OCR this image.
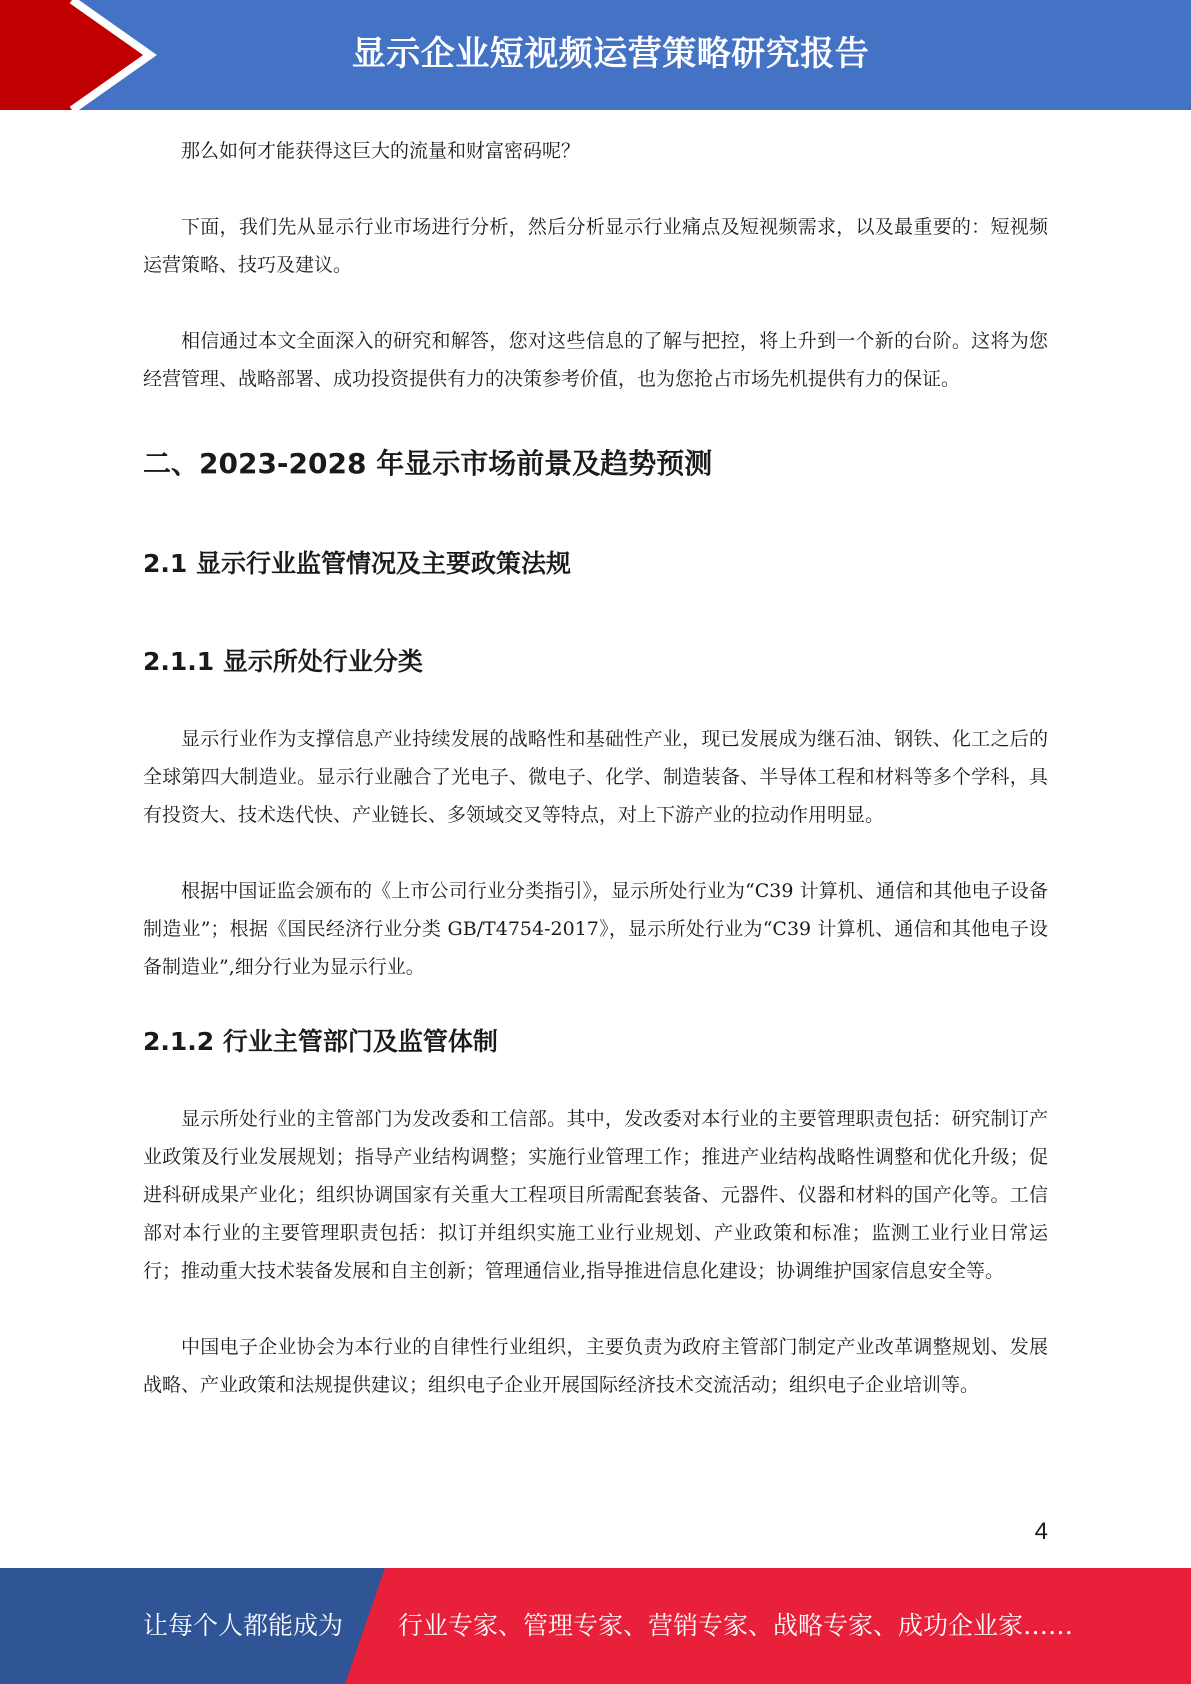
显示企业短视频运营策略研究报告

那么如何才能获得这巨大的流量和财富密码呢？

下面，我们先从显示行业市场进行分析，然后分析显示行业痛点及短视频需求，以及最重要的：短视频运营策略、技巧及建议。

相信通过本文全面深入的研究和解答，您对这些信息的了解与把控，将上升到一个新的台阶。这将为您经营管理、战略部署、成功投资提供有力的决策参考价值，也为您抢占市场先机提供有力的保证。

二、2023-2028 年显示市场前景及趋势预测
2.1 显示行业监管情况及主要政策法规
2.1.1 显示所处行业分类

显示行业作为支撑信息产业持续发展的战略性和基础性产业，现已发展成为继石油、钢铁、化工之后的全球第四大制造业。显示行业融合了光电子、微电子、化学、制造装备、半导体工程和材料等多个学科，具有投资大、技术迭代快、产业链长、多领域交叉等特点，对上下游产业的拉动作用明显。

根据中国证监会颁布的《上市公司行业分类指引》，显示所处行业为“C39 计算机、通信和其他电子设备制造业”；根据《国民经济行业分类 GB/T4754-2017》，显示所处行业为“C39 计算机、通信和其他电子设备制造业”,细分行业为显示行业。

2.1.2 行业主管部门及监管体制

显示所处行业的主管部门为发改委和工信部。其中，发改委对本行业的主要管理职责包括：研究制订产业政策及行业发展规划；指导产业结构调整；实施行业管理工作；推进产业结构战略性调整和优化升级；促进科研成果产业化；组织协调国家有关重大工程项目所需配套装备、元器件、仪器和材料的国产化等。工信部对本行业的主要管理职责包括：拟订并组织实施工业行业规划、产业政策和标准；监测工业行业日常运行；推动重大技术装备发展和自主创新；管理通信业,指导推进信息化建设；协调维护国家信息安全等。

中国电子企业协会为本行业的自律性行业组织，主要负责为政府主管部门制定产业改革调整规划、发展战略、产业政策和法规提供建议；组织电子企业开展国际经济技术交流活动；组织电子企业培训等。

4
让每个人都能成为 行业专家、管理专家、营销专家、战略专家、成功企业家……
